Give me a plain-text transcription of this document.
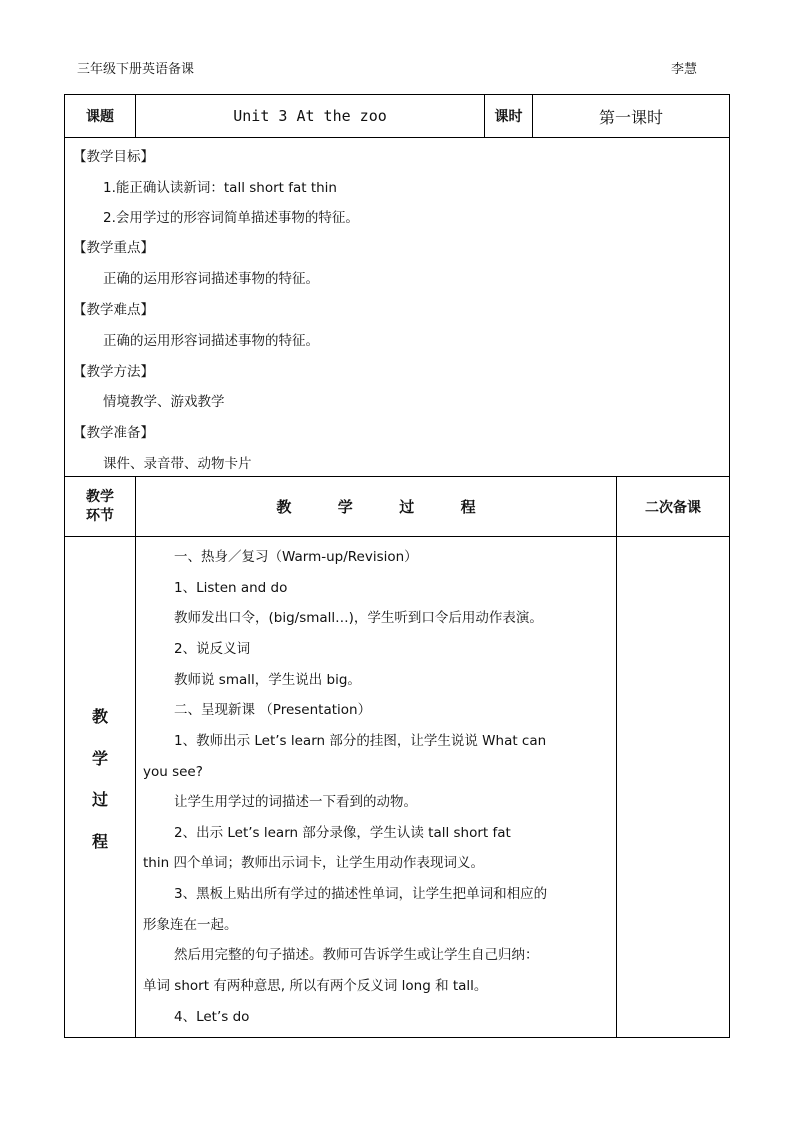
三年级下册英语备课	李慧
课题	Unit 3 At the zoo	课时	第一课时
【教学目标】
1.能正确认读新词：tall short fat thin
2.会用学过的形容词简单描述事物的特征。
【教学重点】
正确的运用形容词描述事物的特征。
【教学难点】
正确的运用形容词描述事物的特征。
【教学方法】
情境教学、游戏教学
【教学准备】
课件、录音带、动物卡片
教学
环节	教  学  过  程	二次备课
教
学
过
程
一、热身／复习（Warm-up/Revision）
1、Listen and do
教师发出口令，(big/small…)，学生听到口令后用动作表演。
2、说反义词
教师说 small，学生说出 big。
二、呈现新课 （Presentation）
1、教师出示 Let’s learn 部分的挂图，让学生说说 What can
you see?
让学生用学过的词描述一下看到的动物。
2、出示 Let’s learn 部分录像，学生认读 tall short fat
thin 四个单词；教师出示词卡，让学生用动作表现词义。
3、黑板上贴出所有学过的描述性单词，让学生把单词和相应的
形象连在一起。
然后用完整的句子描述。教师可告诉学生或让学生自己归纳：
单词 short 有两种意思, 所以有两个反义词 long 和 tall。
4、Let’s do
